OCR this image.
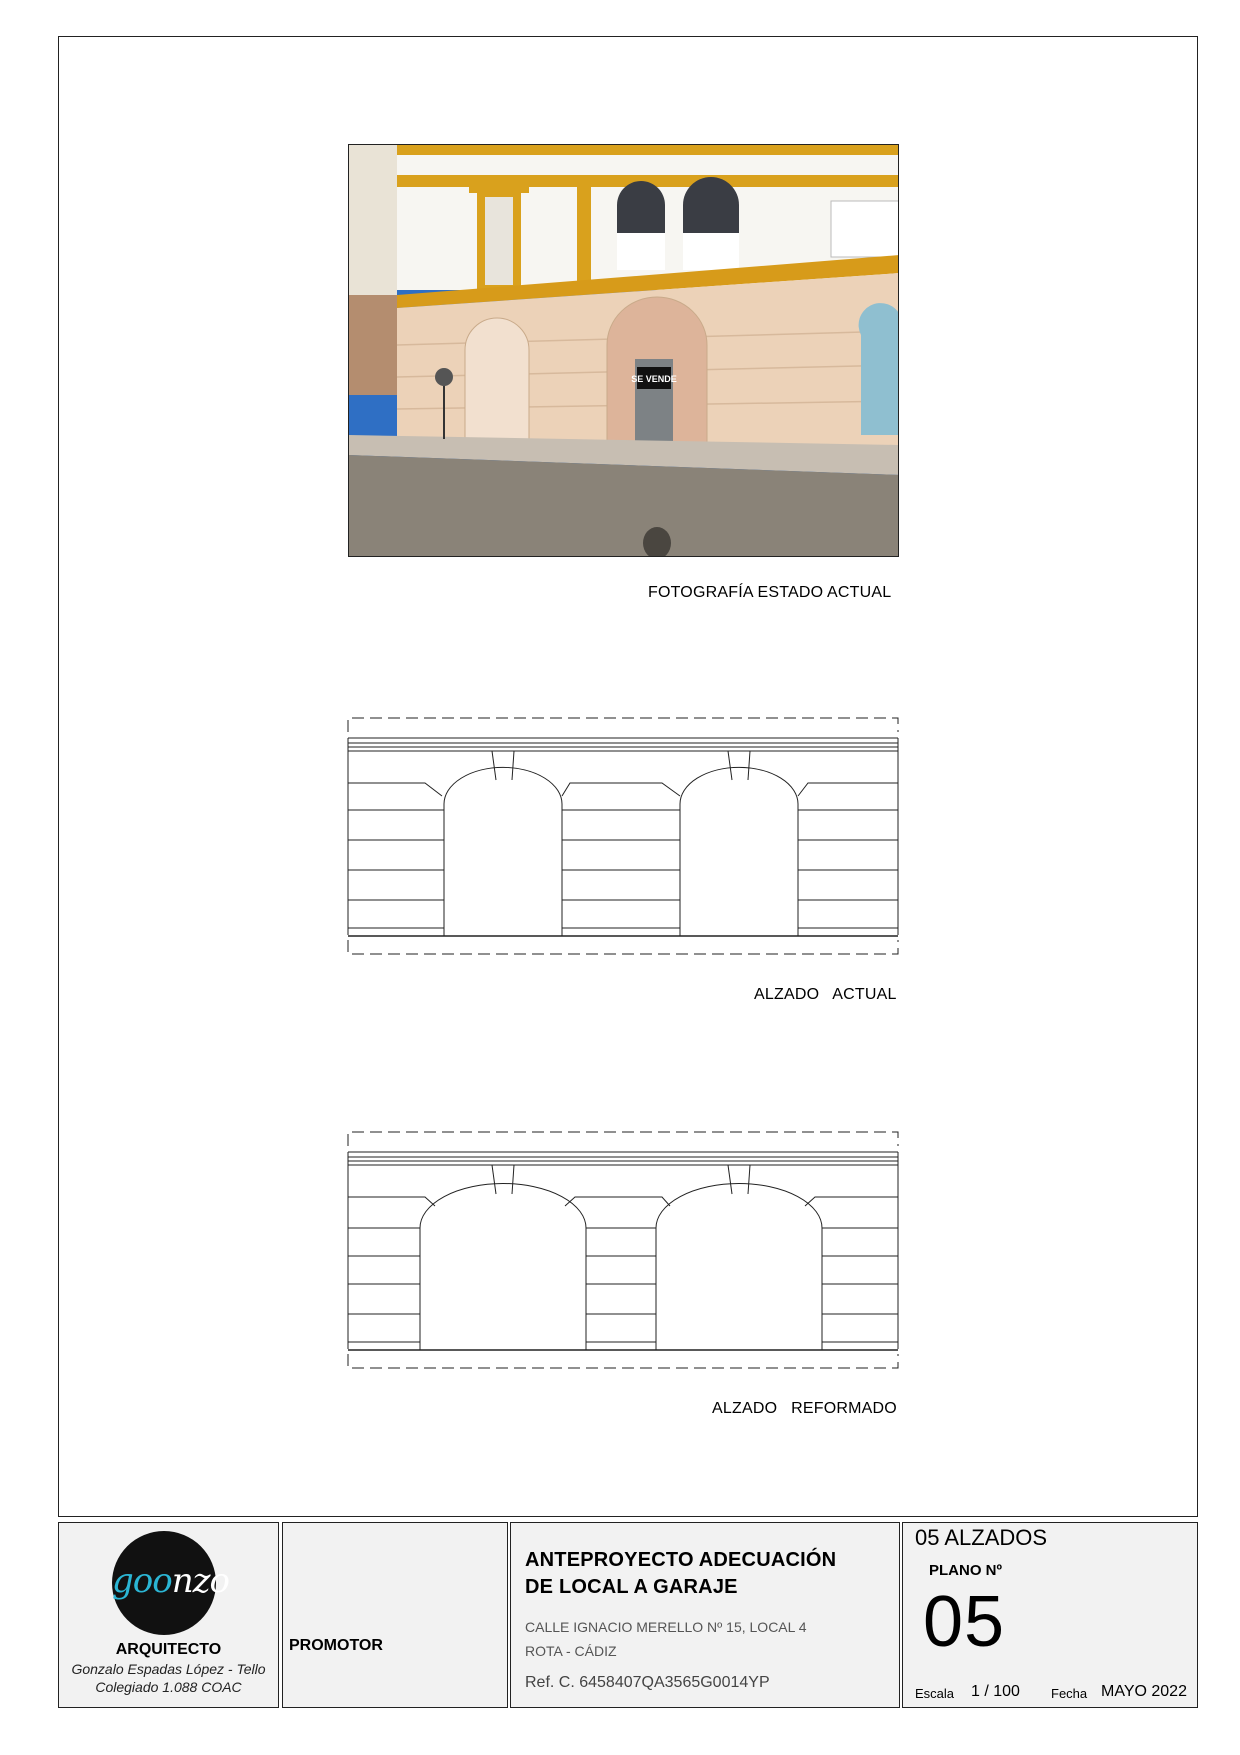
SE VENDE
FOTOGRAFÍA ESTADO ACTUAL
ALZADO   ACTUAL
ALZADO   REFORMADO
goonzo
ARQUITECTO
Gonzalo Espadas López - Tello
Colegiado 1.088 COAC
PROMOTOR
ANTEPROYECTO ADECUACIÓN
DE LOCAL A GARAJE
CALLE IGNACIO MERELLO Nº 15, LOCAL 4
ROTA - CÁDIZ
Ref. C. 6458407QA3565G0014YP
05 ALZADOS
PLANO Nº
05
Escala 1 / 100 Fecha MAYO 2022
